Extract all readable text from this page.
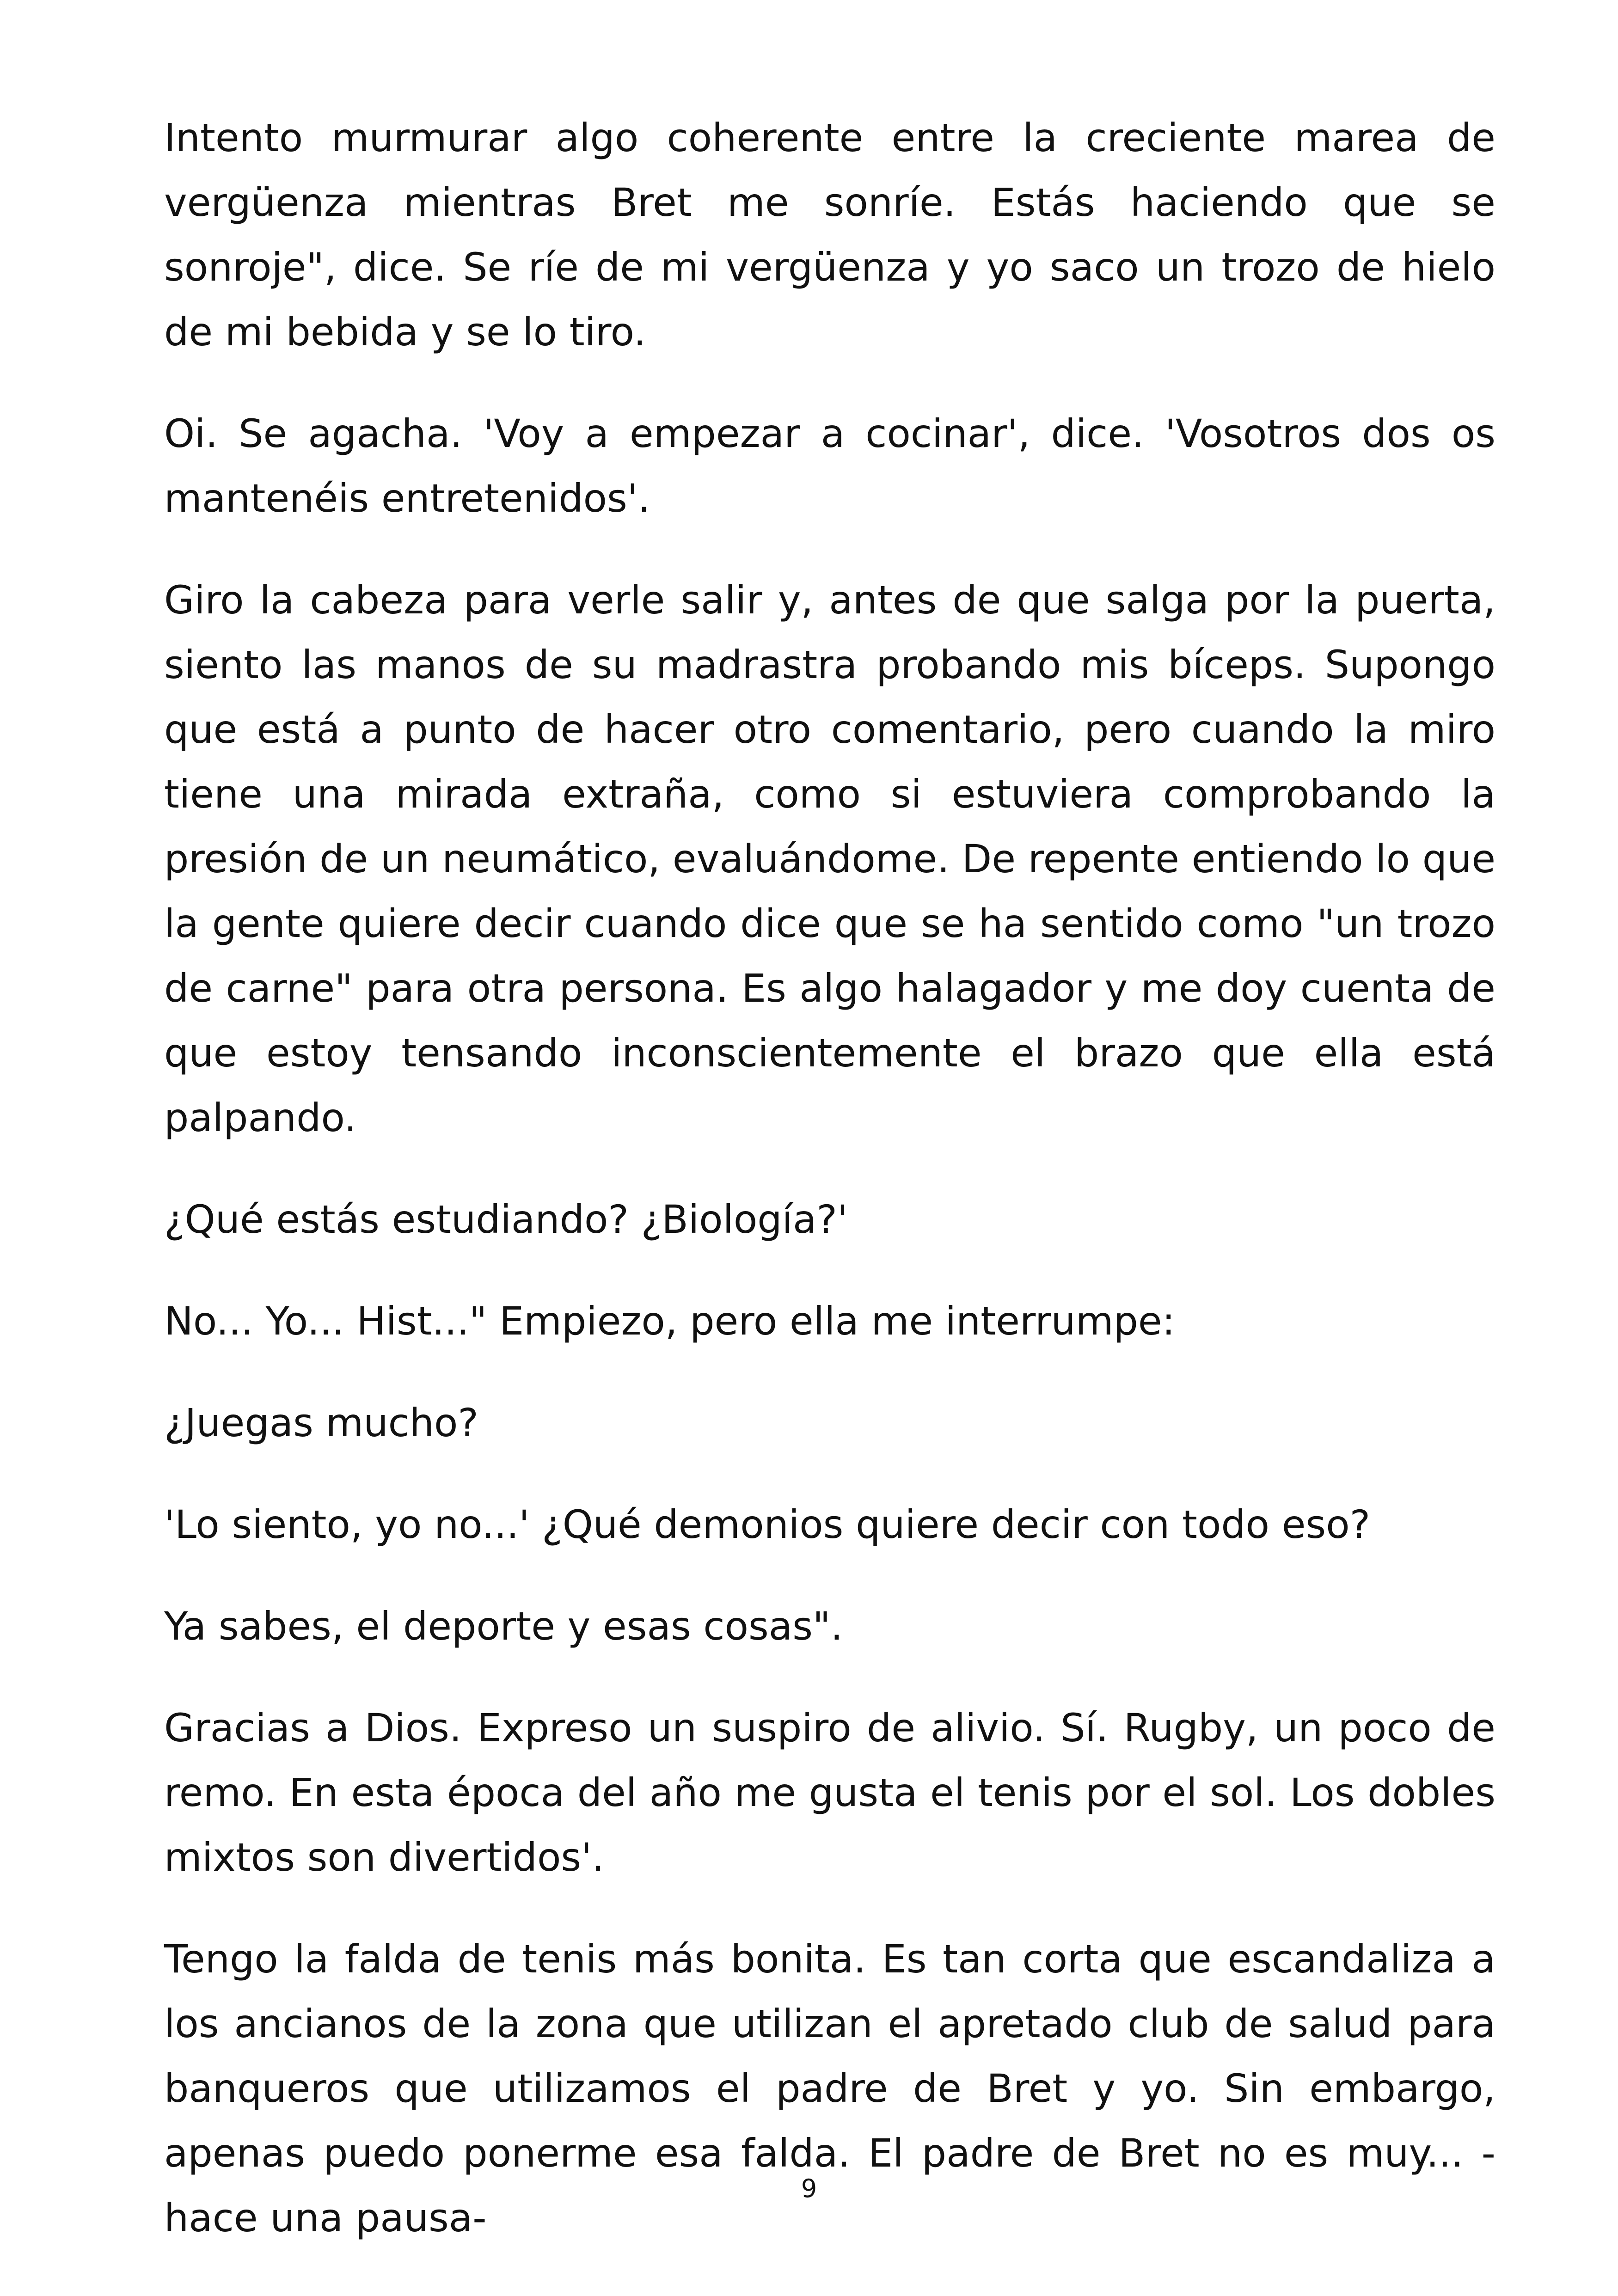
Intento murmurar algo coherente entre la creciente marea de vergüenza mientras Bret me sonríe. Estás haciendo que se sonroje", dice. Se ríe de mi vergüenza y yo saco un trozo de hielo de mi bebida y se lo tiro.

Oi. Se agacha. 'Voy a empezar a cocinar', dice. 'Vosotros dos os mantenéis entretenidos'.

Giro la cabeza para verle salir y, antes de que salga por la puerta, siento las manos de su madrastra probando mis bíceps. Supongo que está a punto de hacer otro comentario, pero cuando la miro tiene una mirada extraña, como si estuviera comprobando la presión de un neumático, evaluándome. De repente entiendo lo que la gente quiere decir cuando dice que se ha sentido como "un trozo de carne" para otra persona. Es algo halagador y me doy cuenta de que estoy tensando inconscientemente el brazo que ella está palpando.

¿Qué estás estudiando? ¿Biología?'

No... Yo... Hist..." Empiezo, pero ella me interrumpe:

¿Juegas mucho?

'Lo siento, yo no...' ¿Qué demonios quiere decir con todo eso?

Ya sabes, el deporte y esas cosas".

Gracias a Dios. Expreso un suspiro de alivio. Sí. Rugby, un poco de remo. En esta época del año me gusta el tenis por el sol. Los dobles mixtos son divertidos'.

Tengo la falda de tenis más bonita. Es tan corta que escandaliza a los ancianos de la zona que utilizan el apretado club de salud para banqueros que utilizamos el padre de Bret y yo. Sin embargo, apenas puedo ponerme esa falda. El padre de Bret no es muy... -hace una pausa-

9
